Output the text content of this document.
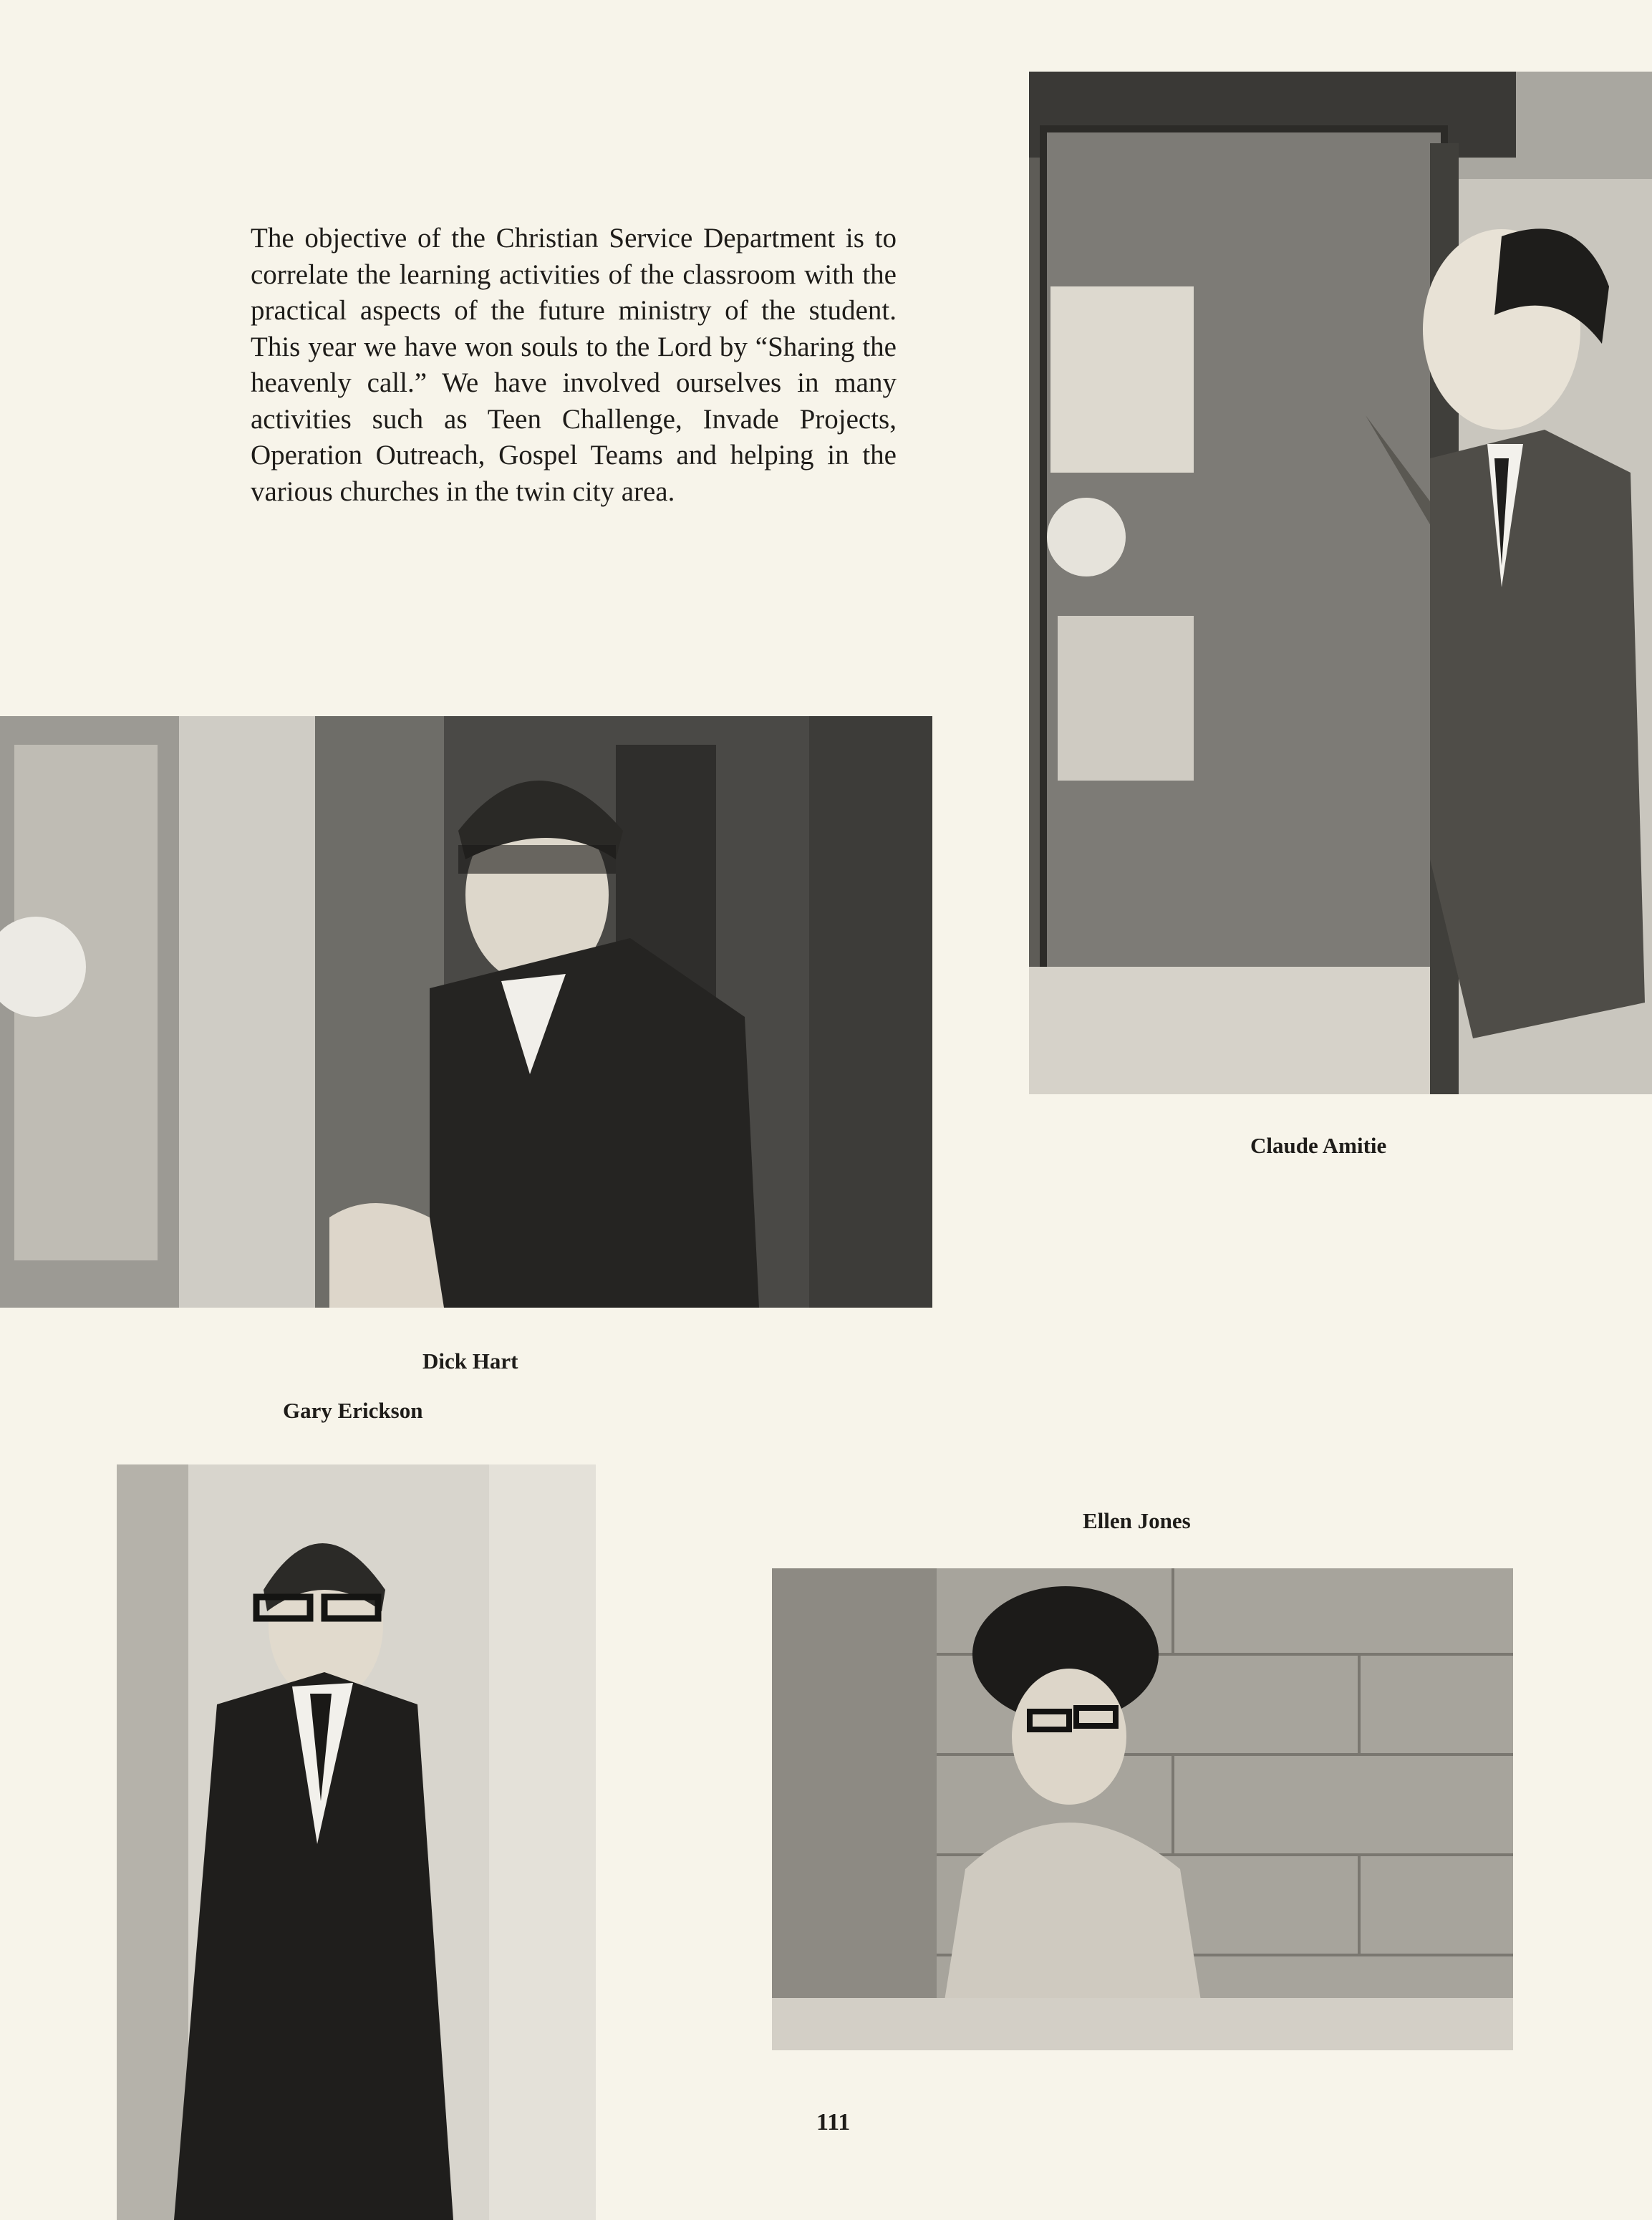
The objective of the Christian Service Department is to correlate the learning activities of the classroom with the practical aspects of the future ministry of the student. This year we have won souls to the Lord by “Sharing the heavenly call.” We have involved ourselves in many activities such as Teen Challenge, Invade Projects, Operation Outreach, Gospel Teams and helping in the various churches in the twin city area.

Claude Amitie
Dick Hart
Gary Erickson
Ellen Jones
111
